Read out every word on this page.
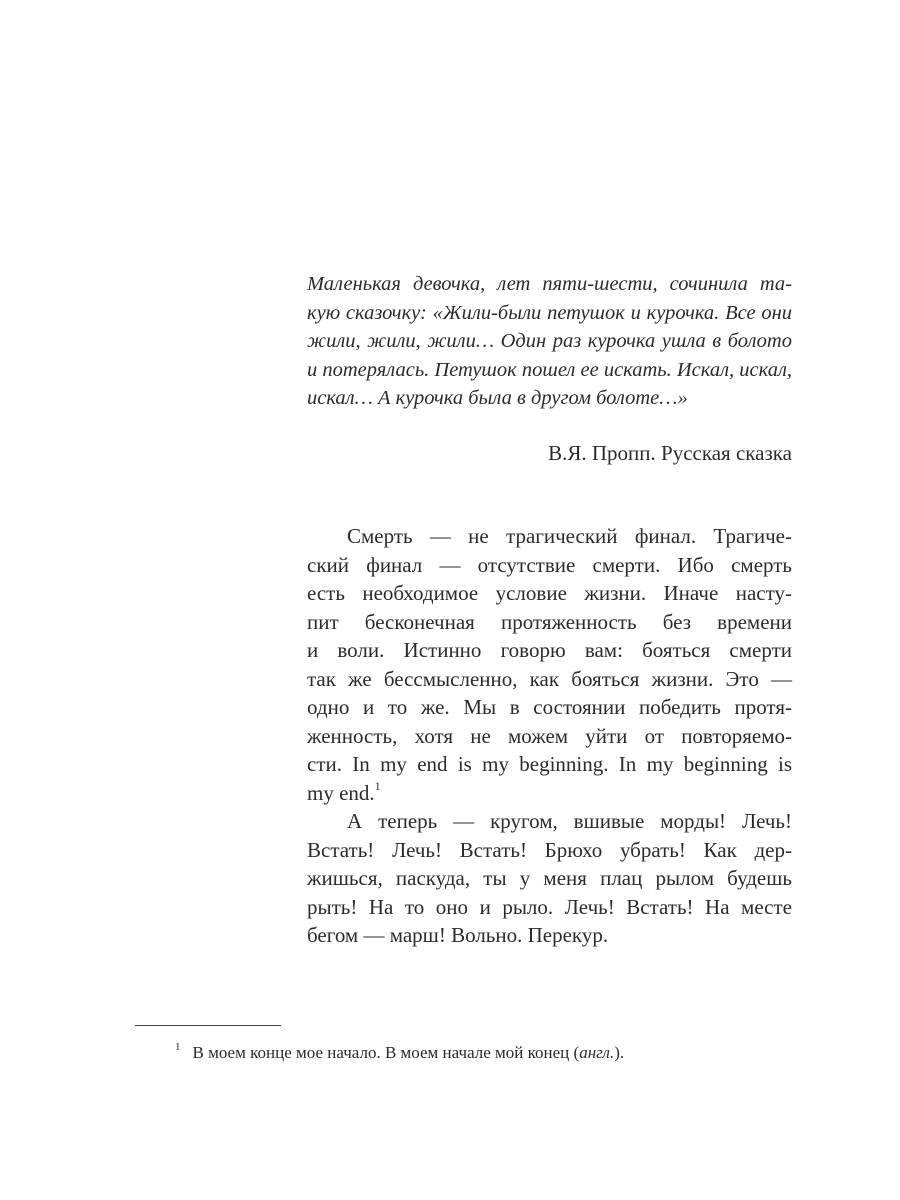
Маленькая девочка, лет пяти-шести, сочинила та-
кую сказочку: «Жили-были петушок и курочка. Все они
жили, жили, жили… Один раз курочка ушла в болото
и потерялась. Петушок пошел ее искать. Искал, искал,
искал… А курочка была в другом болоте…»
В.Я. Пропп. Русская сказка
Смерть — не трагический финал. Трагиче-
ский финал — отсутствие смерти. Ибо смерть
есть необходимое условие жизни. Иначе насту-
пит бесконечная протяженность без времени
и воли. Истинно говорю вам: бояться смерти
так же бессмысленно, как бояться жизни. Это —
одно и то же. Мы в состоянии победить протя-
женность, хотя не можем уйти от повторяемо-
сти. In my end is my beginning. In my beginning is
my end.$^1$
А теперь — кругом, вшивые морды! Лечь!
Встать! Лечь! Встать! Брюхо убрать! Как дер-
жишься, паскуда, ты у меня плац рылом будешь
рыть! На то оно и рыло. Лечь! Встать! На месте
бегом — марш! Вольно. Перекур.
$^1$ В моем конце мое начало. В моем начале мой конец (англ.).
